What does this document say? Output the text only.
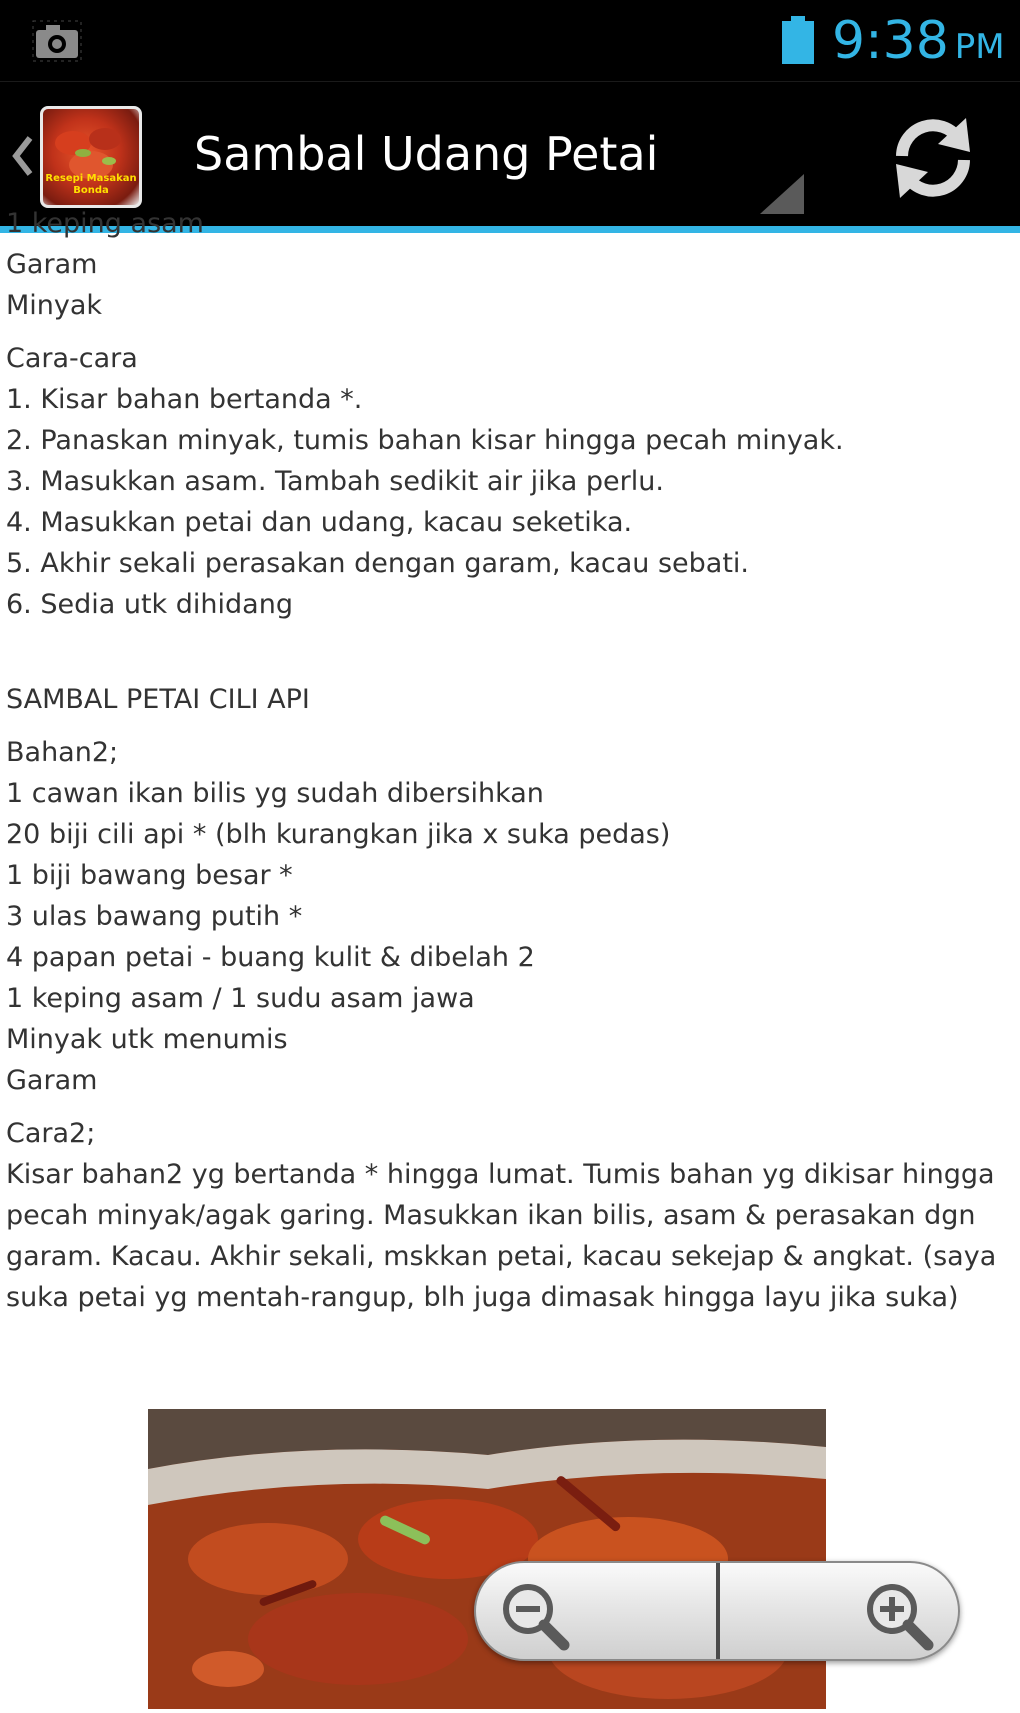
9:38 PM
Resepi Masakan Bonda
Sambal Udang Petai
1 keping asam
Garam
Minyak
Cara-cara
1. Kisar bahan bertanda *.
2. Panaskan minyak, tumis bahan kisar hingga pecah minyak.
3. Masukkan asam. Tambah sedikit air jika perlu.
4. Masukkan petai dan udang, kacau seketika.
5. Akhir sekali perasakan dengan garam, kacau sebati.
6. Sedia utk dihidang
SAMBAL PETAI CILI API
Bahan2;
1 cawan ikan bilis yg sudah dibersihkan
20 biji cili api * (blh kurangkan jika x suka pedas)
1 biji bawang besar *
3 ulas bawang putih *
4 papan petai - buang kulit & dibelah 2
1 keping asam / 1 sudu asam jawa
Minyak utk menumis
Garam
Cara2;
Kisar bahan2 yg bertanda * hingga lumat. Tumis bahan yg dikisar hingga pecah minyak/agak garing. Masukkan ikan bilis, asam & perasakan dgn garam. Kacau. Akhir sekali, mskkan petai, kacau sekejap & angkat. (saya suka petai yg mentah-rangup, blh juga dimasak hingga layu jika suka)
